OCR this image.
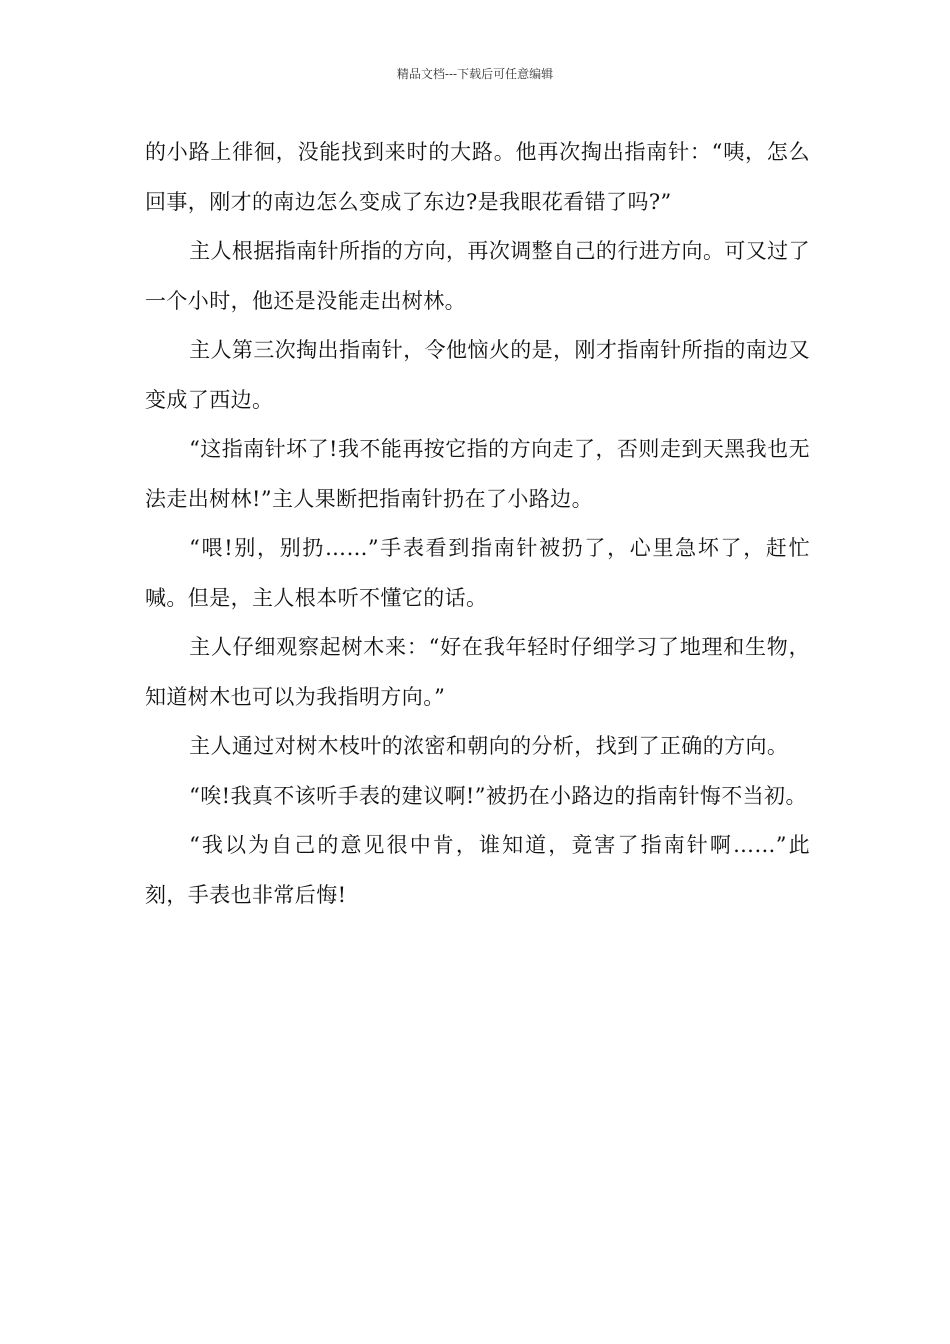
精品文档---下载后可任意编辑

的小路上徘徊，没能找到来时的大路。他再次掏出指南针：“咦，怎么回事，刚才的南边怎么变成了东边?是我眼花看错了吗?”

主人根据指南针所指的方向，再次调整自己的行进方向。可又过了一个小时，他还是没能走出树林。

主人第三次掏出指南针，令他恼火的是，刚才指南针所指的南边又变成了西边。

“这指南针坏了!我不能再按它指的方向走了，否则走到天黑我也无法走出树林!”主人果断把指南针扔在了小路边。

“喂!别，别扔……”手表看到指南针被扔了，心里急坏了，赶忙喊。但是，主人根本听不懂它的话。

主人仔细观察起树木来：“好在我年轻时仔细学习了地理和生物，知道树木也可以为我指明方向。”

主人通过对树木枝叶的浓密和朝向的分析，找到了正确的方向。

“唉!我真不该听手表的建议啊!”被扔在小路边的指南针悔不当初。

“我以为自己的意见很中肯，谁知道，竟害了指南针啊……”此刻，手表也非常后悔!
